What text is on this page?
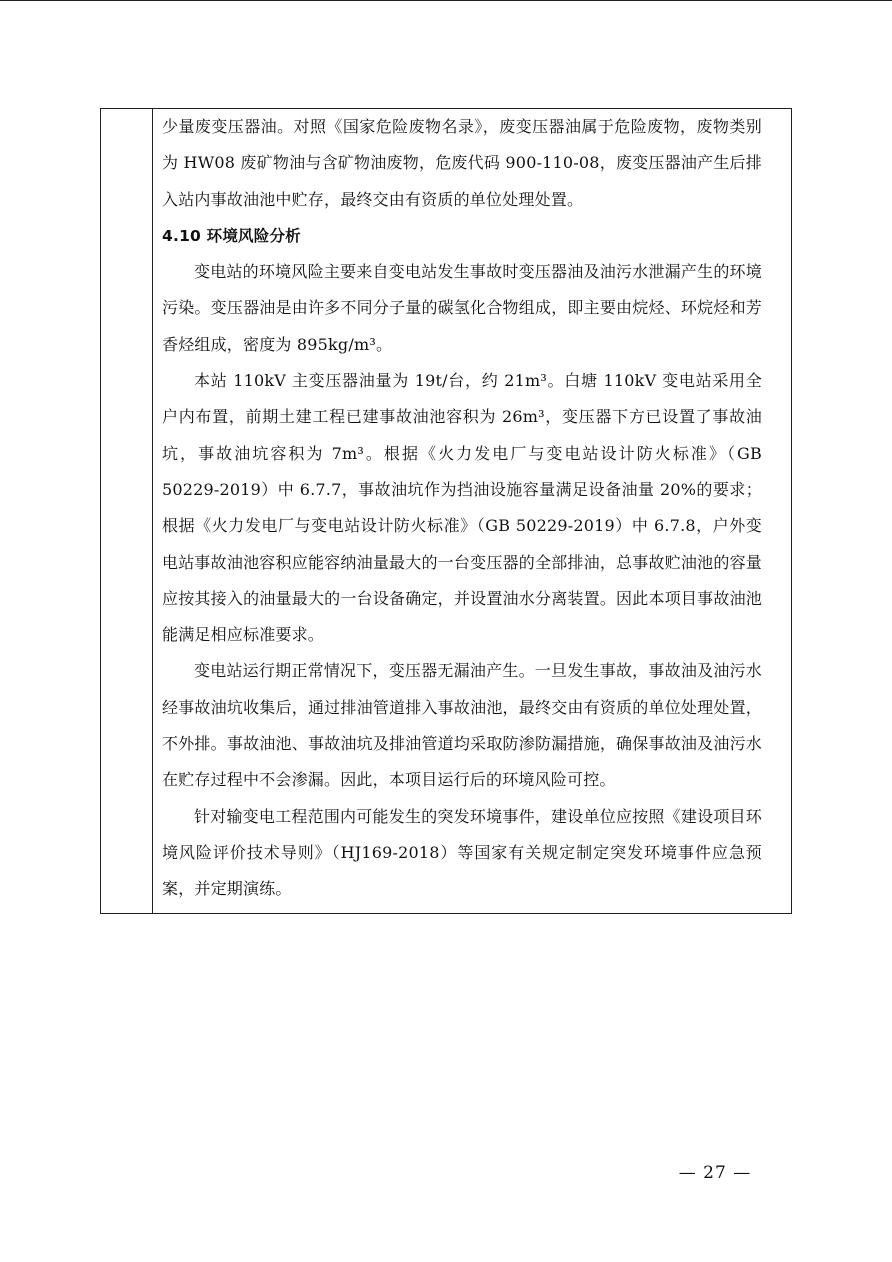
少量废变压器油。对照《国家危险废物名录》，废变压器油属于危险废物，废物类别为 HW08 废矿物油与含矿物油废物，危废代码 900-110-08，废变压器油产生后排入站内事故油池中贮存，最终交由有资质的单位处理处置。

4.10 环境风险分析

变电站的环境风险主要来自变电站发生事故时变压器油及油污水泄漏产生的环境污染。变压器油是由许多不同分子量的碳氢化合物组成，即主要由烷烃、环烷烃和芳香烃组成，密度为 895kg/m³。

本站 110kV 主变压器油量为 19t/台，约 21m³。白塘 110kV 变电站采用全户内布置，前期土建工程已建事故油池容积为 26m³，变压器下方已设置了事故油坑，事故油坑容积为 7m³。根据《火力发电厂与变电站设计防火标准》（GB 50229-2019）中 6.7.7，事故油坑作为挡油设施容量满足设备油量 20%的要求；根据《火力发电厂与变电站设计防火标准》（GB 50229-2019）中 6.7.8，户外变电站事故油池容积应能容纳油量最大的一台变压器的全部排油，总事故贮油池的容量应按其接入的油量最大的一台设备确定，并设置油水分离装置。因此本项目事故油池能满足相应标准要求。

变电站运行期正常情况下，变压器无漏油产生。一旦发生事故，事故油及油污水经事故油坑收集后，通过排油管道排入事故油池，最终交由有资质的单位处理处置，不外排。事故油池、事故油坑及排油管道均采取防渗防漏措施，确保事故油及油污水在贮存过程中不会渗漏。因此，本项目运行后的环境风险可控。

针对输变电工程范围内可能发生的突发环境事件，建设单位应按照《建设项目环境风险评价技术导则》（HJ169-2018）等国家有关规定制定突发环境事件应急预案，并定期演练。

— 27 —
